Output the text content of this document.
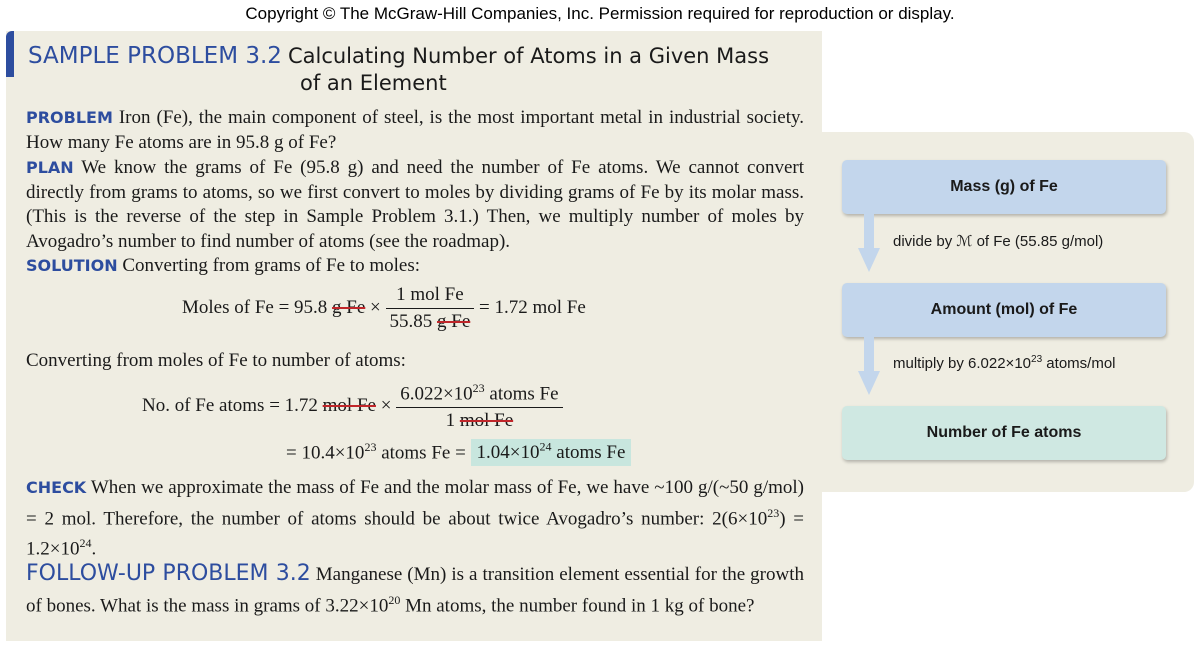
Copyright © The McGraw-Hill Companies, Inc. Permission required for reproduction or display.
SAMPLE PROBLEM 3.2 Calculating Number of Atoms in a Given Mass
of an Element
PROBLEM Iron (Fe), the main component of steel, is the most important metal in industrial society. How many Fe atoms are in 95.8 g of Fe?
PLAN We know the grams of Fe (95.8 g) and need the number of Fe atoms. We cannot convert directly from grams to atoms, so we first convert to moles by dividing grams of Fe by its molar mass. (This is the reverse of the step in Sample Problem 3.1.) Then, we multiply number of moles by Avogadro’s number to find number of atoms (see the roadmap).
SOLUTION Converting from grams of Fe to moles:
Moles of Fe = 95.8 g $Fe \times \frac{\text{1 mol Fe}}{\text{55.85 g Fe}} = 1.72$ mol Fe
Converting from moles of Fe to number of atoms:
No. of Fe atoms = 1.72 mol $Fe \times \frac{6.022\times 10^{23} atoms Fe}{\text{1 mol Fe}}$
= $10.4\times 10^{23}$ atoms $Fe = 1.04\times 10^{24}$ atoms Fe
CHECK When we approximate the mass of Fe and the molar mass of Fe, we have ~100 g/(~50 g/mol) = 2 mol. Therefore, the number of atoms should be about twice Avogadro’s number: $2(6\times 10^{23}) = 1.2\times 10^{24}$.
FOLLOW-UP PROBLEM 3.2 Manganese (Mn) is a transition element essential for the growth of bones. What is the mass in grams of $3.22\times 10^{20}$ Mn atoms, the number found in 1 kg of bone?
Mass (g) of Fe
divide by ℳ of Fe (55.85 g/mol)
Amount (mol) of Fe
multiply by $6.022\times 10^{23}$ atoms/mol
Number of Fe atoms
